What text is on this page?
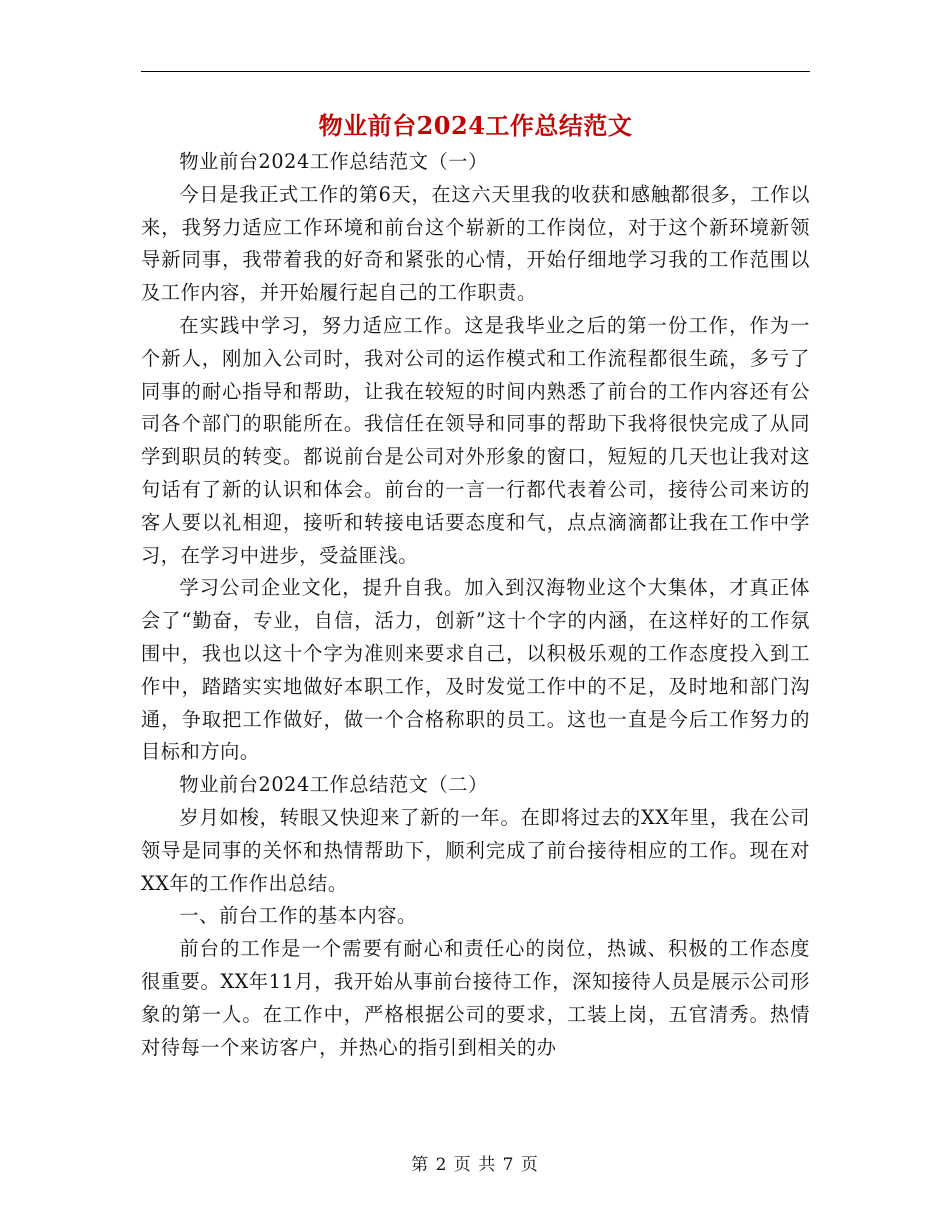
物业前台2024工作总结范文

物业前台2024工作总结范文（一）

今日是我正式工作的第6天，在这六天里我的收获和感触都很多，工作以来，我努力适应工作环境和前台这个崭新的工作岗位，对于这个新环境新领导新同事，我带着我的好奇和紧张的心情，开始仔细地学习我的工作范围以及工作内容，并开始履行起自己的工作职责。

在实践中学习，努力适应工作。这是我毕业之后的第一份工作，作为一个新人，刚加入公司时，我对公司的运作模式和工作流程都很生疏，多亏了同事的耐心指导和帮助，让我在较短的时间内熟悉了前台的工作内容还有公司各个部门的职能所在。我信任在领导和同事的帮助下我将很快完成了从同学到职员的转变。都说前台是公司对外形象的窗口，短短的几天也让我对这句话有了新的认识和体会。前台的一言一行都代表着公司，接待公司来访的客人要以礼相迎，接听和转接电话要态度和气，点点滴滴都让我在工作中学习，在学习中进步，受益匪浅。

学习公司企业文化，提升自我。加入到汉海物业这个大集体，才真正体会了“勤奋，专业，自信，活力，创新”这十个字的内涵，在这样好的工作氛围中，我也以这十个字为准则来要求自己，以积极乐观的工作态度投入到工作中，踏踏实实地做好本职工作，及时发觉工作中的不足，及时地和部门沟通，争取把工作做好，做一个合格称职的员工。这也一直是今后工作努力的目标和方向。

物业前台2024工作总结范文（二）

岁月如梭，转眼又快迎来了新的一年。在即将过去的XX年里，我在公司领导是同事的关怀和热情帮助下，顺利完成了前台接待相应的工作。现在对XX年的工作作出总结。

一、前台工作的基本内容。

前台的工作是一个需要有耐心和责任心的岗位，热诚、积极的工作态度很重要。XX年11月，我开始从事前台接待工作，深知接待人员是展示公司形象的第一人。在工作中，严格根据公司的要求，工装上岗，五官清秀。热情对待每一个来访客户，并热心的指引到相关的办

第 2 页 共 7 页
